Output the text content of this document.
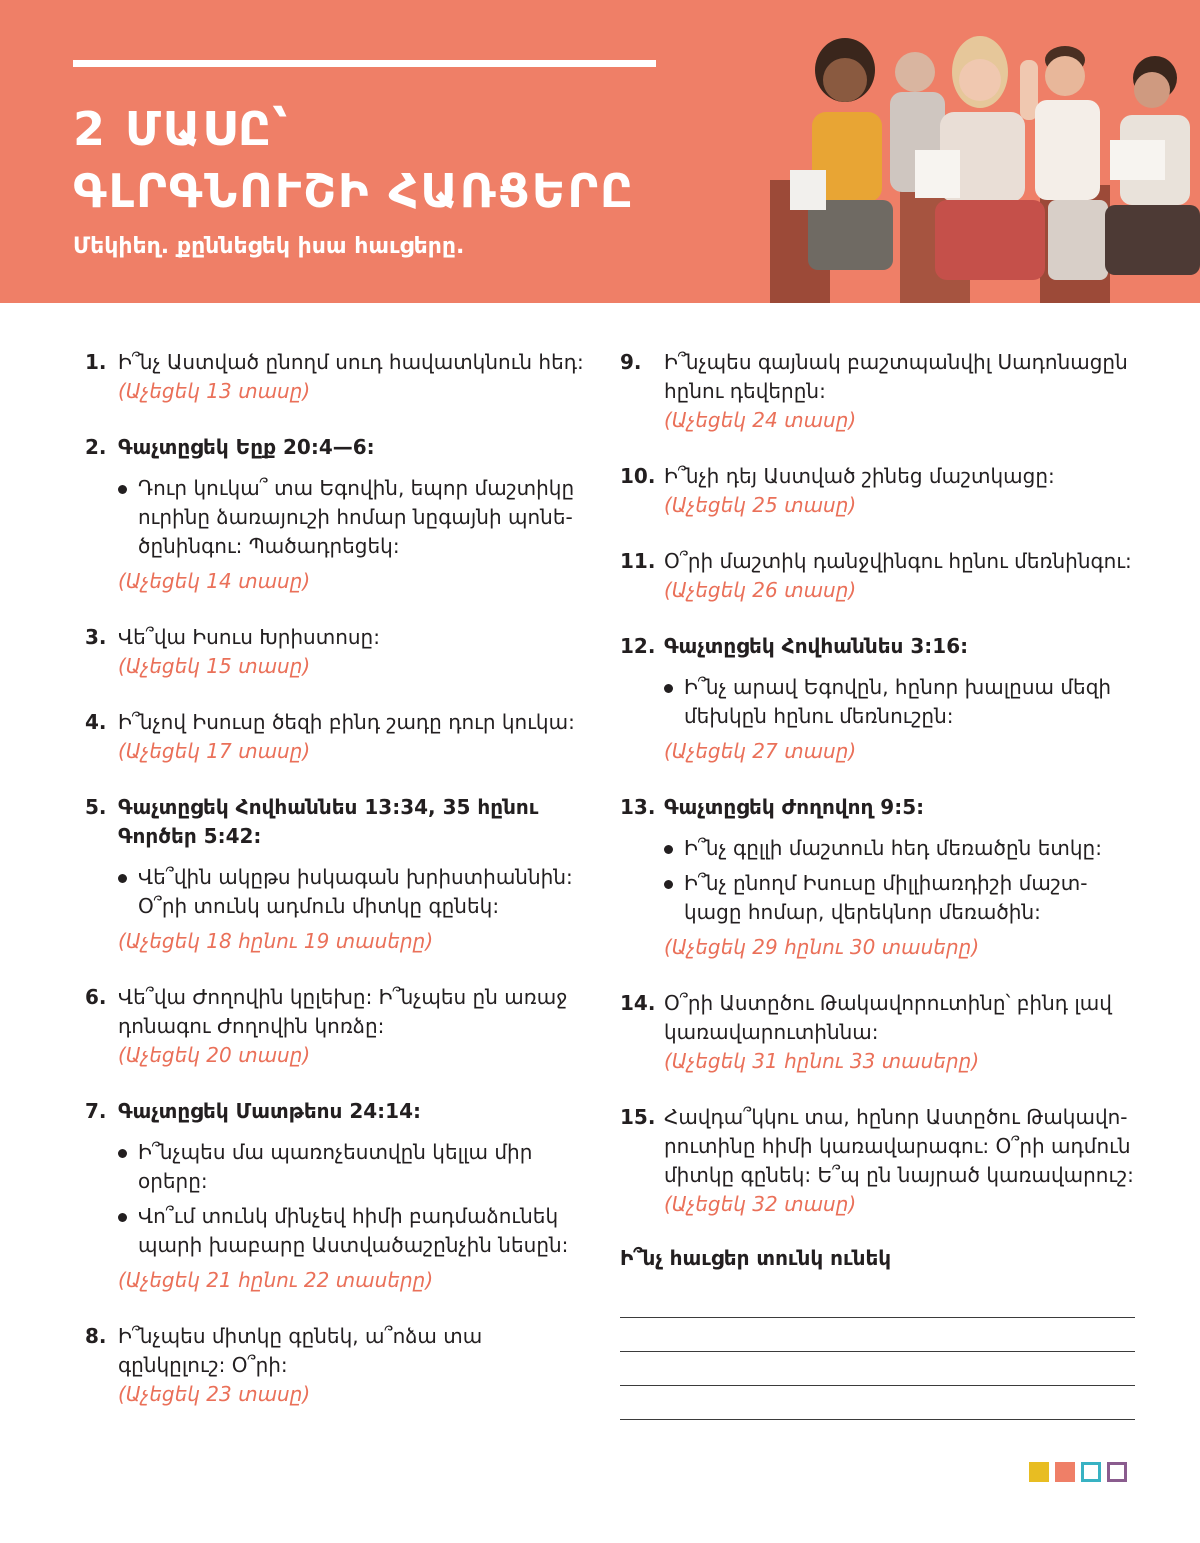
2 ՄԱՍԸ՝
ԳԼՐԳՆՈՒՇԻ ՀԱՌՑԵՐԸ
Մեկիեղ. քըննեցեկ իսա հաւցերը.
1. Ի՞նչ Աստված ընողմ սուդ հավատկնուն հեդ:
(Աչեցեկ 13 տասը)
2. Գաչտըցեկ Եըք 20:4—6:
Դուր կուկա՞ տա Եգովին, եպոր մաշտիկը ուրինը ձառայուշի հոմար նըգայնի պոնե-ծընինգու: Պածադրեցեկ:
(Աչեցեկ 14 տասը)
3. Վե՞վա Իսուս Խրիստոսը:
(Աչեցեկ 15 տասը)
4. Ի՞նչով Իսուսը ծեզի բինդ շադը դուր կուկա:
(Աչեցեկ 17 տասը)
5. Գաչտըցեկ Հովհաննես 13:34, 35 հընու Գործեր 5:42:
Վե՞վին ակըթս իսկագան խրիստիաննին: Օ՞րի տունկ ադմուն միտկը գընեկ:
(Աչեցեկ 18 հընու 19 տասերը)
6. Վե՞վա Ժողովին կըլեխը: Ի՞նչպես ըն առաջ դոնագու Ժողովին կոռձը:
(Աչեցեկ 20 տասը)
7. Գաչտըցեկ Մատթեոս 24:14:
Ի՞նչպես մա պառոչեստվըն կելլա միր օրերը:
Վո՞ւմ տունկ մինչեվ հիմի բադմաձունեկ պարի խաբարը Աստվածաշընչին նեսըն:
(Աչեցեկ 21 հընու 22 տասերը)
8. Ի՞նչպես միտկը գընեկ, ա՞ոձա տա գընկըլուշ: Օ՞րի:
(Աչեցեկ 23 տասը)
9. Ի՞նչպես գայնակ բաշտպանվիլ Սադոնացըն հընու դեվերըն:
(Աչեցեկ 24 տասը)
10. Ի՞նչի դեյ Աստված շինեց մաշտկացը:
(Աչեցեկ 25 տասը)
11. Օ՞րի մաշտիկ դանջվինգու հընու մեռնինգու:
(Աչեցեկ 26 տասը)
12. Գաչտըցեկ Հովհաննես 3:16:
Ի՞նչ արավ Եգովըն, հընոր խալըսա մեզի մեխկըն հընու մեռնուշըն:
(Աչեցեկ 27 տասը)
13. Գաչտըցեկ Ժողովող 9:5:
Ի՞նչ գըլլի մաշտուն հեդ մեռածըն ետկը:
Ի՞նչ ընողմ Իսուսը միլլիառդիշի մաշտ-կացը հոմար, վերեկնոր մեռածին:
(Աչեցեկ 29 հընու 30 տասերը)
14. Օ՞րի Աստըծու Թակավորուտինը՝ բինդ լավ կառավարուտիննա:
(Աչեցեկ 31 հընու 33 տասերը)
15. Հավդա՞կկու տա, հընոր Աստըծու Թակավո-րուտինը հիմի կառավարագու: Օ՞րի ադմուն միտկը գընեկ: Ե՞պ ըն նայրած կառավարուշ:
(Աչեցեկ 32 տասը)
Ի՞նչ հաւցեր տունկ ունեկ
